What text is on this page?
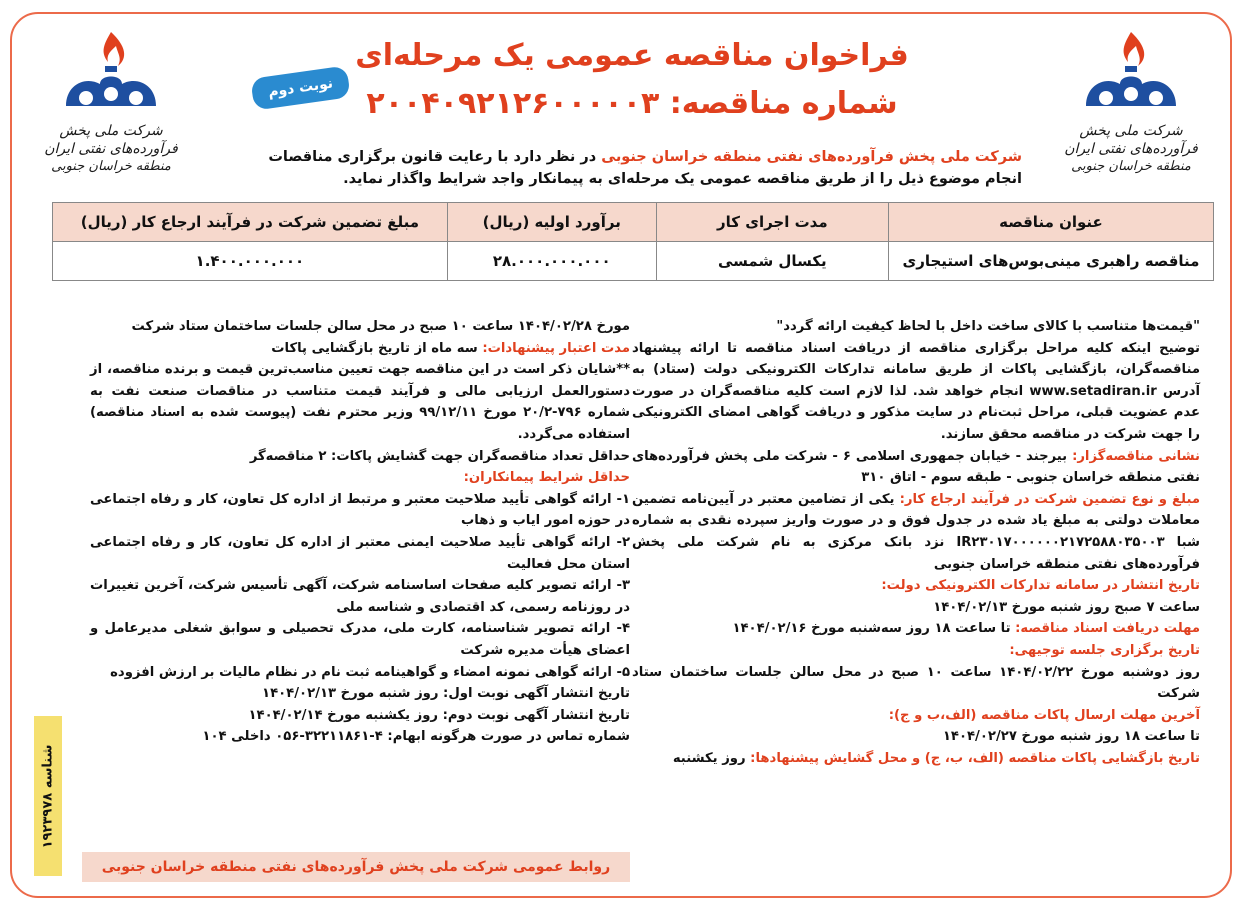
شرکت ملی پخش فرآورده‌های نفتی ایران
منطقه خراسان جنوبی
شرکت ملی پخش فرآورده‌های نفتی ایران
منطقه خراسان جنوبی
فراخوان مناقصه عمومی یک مرحله‌ای
شماره مناقصه: ۲۰۰۴۰۹۲۱۲۶۰۰۰۰۰۳
نوبت دوم
شرکت ملی پخش فرآورده‌های نفتی منطقه خراسان جنوبی در نظر دارد با رعایت قانون برگزاری مناقصات انجام موضوع ذیل را از طریق مناقصه عمومی یک مرحله‌ای به پیمانکار واجد شرایط واگذار نماید.
عنوان مناقصه	مدت اجرای کار	برآورد اولیه (ریال)	مبلغ تضمین شرکت در فرآیند ارجاع کار (ریال)
مناقصه راهبری مینی‌بوس‌های استیجاری	یکسال شمسی	۲۸.۰۰۰.۰۰۰.۰۰۰	۱.۴۰۰.۰۰۰.۰۰۰

"قیمت‌ها متناسب با کالای ساخت داخل با لحاظ کیفیت ارائه گردد"

توضیح اینکه کلیه مراحل برگزاری مناقصه از دریافت اسناد مناقصه تا ارائه پیشنهاد مناقصه‌گران، بازگشایی پاکات از طریق سامانه تدارکات الکترونیکی دولت (ستاد) به آدرس www.setadiran.ir انجام خواهد شد. لذا لازم است کلیه مناقصه‌گران در صورت عدم عضویت قبلی، مراحل ثبت‌نام در سایت مذکور و دریافت گواهی امضای الکترونیکی را جهت شرکت در مناقصه محقق سازند.

نشانی مناقصه‌گزار: بیرجند - خیابان جمهوری اسلامی ۶ - شرکت ملی پخش فرآورده‌های نفتی منطقه خراسان جنوبی - طبقه سوم - اتاق ۳۱۰

مبلغ و نوع تضمین شرکت در فرآیند ارجاع کار: یکی از تضامین معتبر در آیین‌نامه تضمین معاملات دولتی به مبلغ یاد شده در جدول فوق و در صورت واریز سپرده نقدی به شماره شبا IR۲۳۰۱۷۰۰۰۰۰۰۲۱۷۲۵۸۸۰۳۵۰۰۳ نزد بانک مرکزی به نام شرکت ملی پخش فرآورده‌های نفتی منطقه خراسان جنوبی

تاریخ انتشار در سامانه تدارکات الکترونیکی دولت:

ساعت ۷ صبح روز شنبه مورخ ۱۴۰۴/۰۲/۱۳

مهلت دریافت اسناد مناقصه: تا ساعت ۱۸ روز سه‌شنبه مورخ ۱۴۰۴/۰۲/۱۶

تاریخ برگزاری جلسه توجیهی:

روز دوشنبه مورخ ۱۴۰۴/۰۲/۲۲ ساعت ۱۰ صبح در محل سالن جلسات ساختمان ستاد شرکت

آخرین مهلت ارسال پاکات مناقصه (الف،ب و ج):

تا ساعت ۱۸ روز شنبه مورخ ۱۴۰۴/۰۲/۲۷

تاریخ بازگشایی پاکات مناقصه (الف، ب، ج) و محل گشایش پیشنهادها: روز یکشنبه

مورخ ۱۴۰۴/۰۲/۲۸ ساعت ۱۰ صبح در محل سالن جلسات ساختمان ستاد شرکت

مدت اعتبار پیشنهادات: سه ماه از تاریخ بازگشایی پاکات

**شایان ذکر است در این مناقصه جهت تعیین مناسب‌ترین قیمت و برنده مناقصه، از دستورالعمل ارزیابی مالی و فرآیند قیمت متناسب در مناقصات صنعت نفت به شماره ۷۹۶-۲۰/۲ مورخ ۹۹/۱۲/۱۱ وزیر محترم نفت (پیوست شده به اسناد مناقصه) استفاده می‌گردد.

حداقل تعداد مناقصه‌گران جهت گشایش پاکات: ۲ مناقصه‌گر

حداقل شرایط پیمانکاران:

۱- ارائه گواهی تأیید صلاحیت معتبر و مرتبط از اداره کل تعاون، کار و رفاه اجتماعی در حوزه امور ایاب و ذهاب

۲- ارائه گواهی تأیید صلاحیت ایمنی معتبر از اداره کل تعاون، کار و رفاه اجتماعی استان محل فعالیت

۳- ارائه تصویر کلیه صفحات اساسنامه شرکت، آگهی تأسیس شرکت، آخرین تغییرات در روزنامه رسمی، کد اقتصادی و شناسه ملی

۴- ارائه تصویر شناسنامه، کارت ملی، مدرک تحصیلی و سوابق شغلی مدیرعامل و اعضای هیأت مدیره شرکت

۵- ارائه گواهی نمونه امضاء و گواهینامه ثبت نام در نظام مالیات بر ارزش افزوده

تاریخ انتشار آگهی نوبت اول: روز شنبه مورخ ۱۴۰۴/۰۲/۱۳

تاریخ انتشار آگهی نوبت دوم: روز یکشنبه مورخ ۱۴۰۴/۰۲/۱۴

شماره تماس در صورت هرگونه ابهام: ۴-۳۲۲۱۱۸۶۱-۰۵۶ داخلی ۱۰۴

روابط عمومی شرکت ملی پخش فرآورده‌های نفتی منطقه خراسان جنوبی
شناسه ۱۹۲۳۹۷۸
